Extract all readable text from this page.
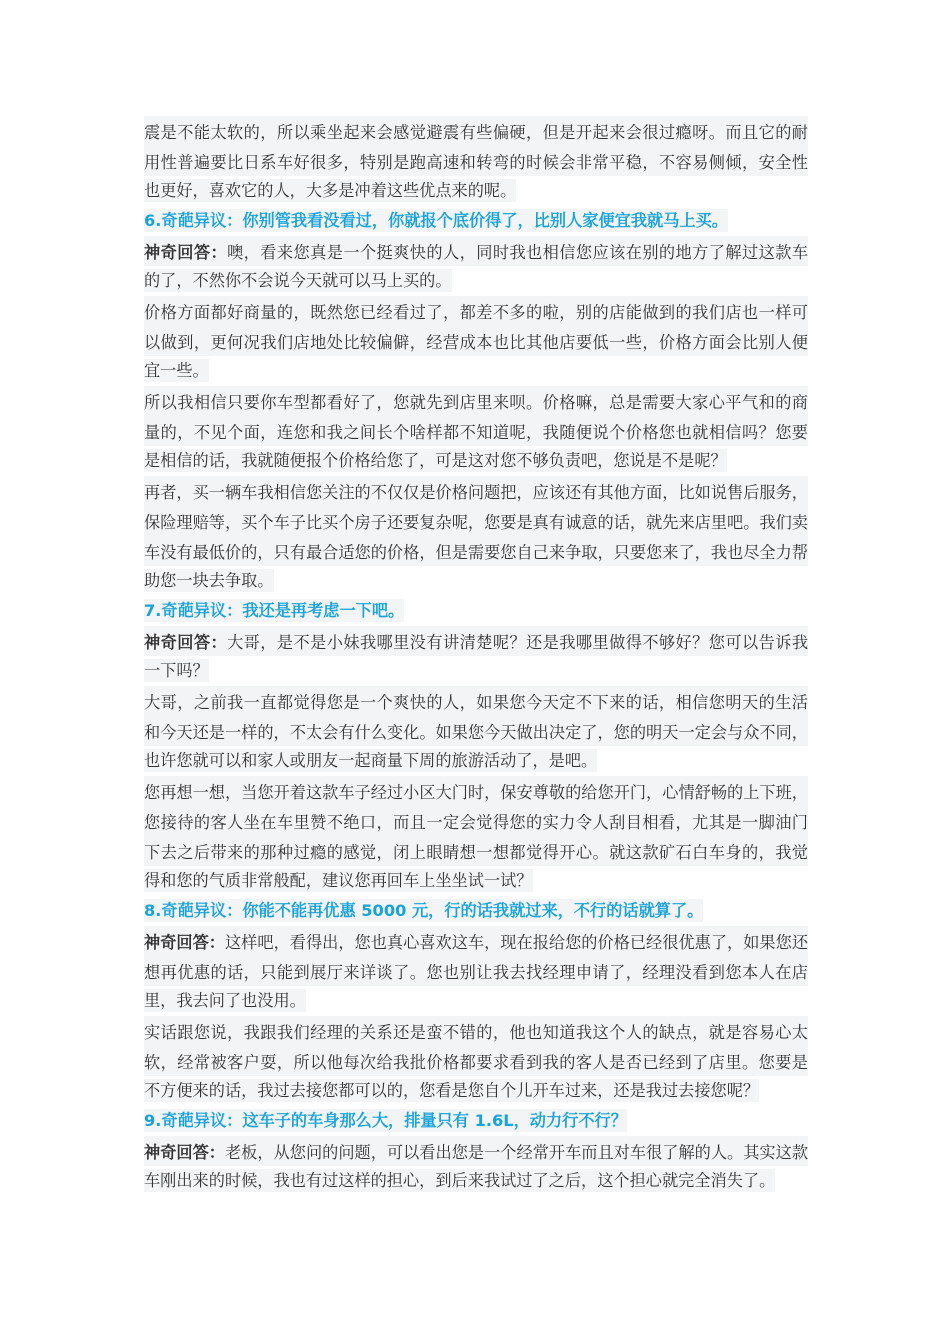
震是不能太软的，所以乘坐起来会感觉避震有些偏硬，但是开起来会很过瘾呀。而且它的耐
用性普遍要比日系车好很多，特别是跑高速和转弯的时候会非常平稳，不容易侧倾，安全性
也更好，喜欢它的人，大多是冲着这些优点来的呢。
6.奇葩异议：你别管我看没看过，你就报个底价得了，比别人家便宜我就马上买。
神奇回答：噢，看来您真是一个挺爽快的人，同时我也相信您应该在别的地方了解过这款车
的了，不然你不会说今天就可以马上买的。
价格方面都好商量的，既然您已经看过了，都差不多的啦，别的店能做到的我们店也一样可
以做到，更何况我们店地处比较偏僻，经营成本也比其他店要低一些，价格方面会比别人便
宜一些。
所以我相信只要你车型都看好了，您就先到店里来呗。价格嘛，总是需要大家心平气和的商
量的，不见个面，连您和我之间长个啥样都不知道呢，我随便说个价格您也就相信吗？您要
是相信的话，我就随便报个价格给您了，可是这对您不够负责吧，您说是不是呢？
再者，买一辆车我相信您关注的不仅仅是价格问题把，应该还有其他方面，比如说售后服务，
保险理赔等，买个车子比买个房子还要复杂呢，您要是真有诚意的话，就先来店里吧。我们卖
车没有最低价的，只有最合适您的价格，但是需要您自己来争取，只要您来了，我也尽全力帮
助您一块去争取。
7.奇葩异议：我还是再考虑一下吧。
神奇回答：大哥，是不是小妹我哪里没有讲清楚呢？还是我哪里做得不够好？您可以告诉我
一下吗？
大哥，之前我一直都觉得您是一个爽快的人，如果您今天定不下来的话，相信您明天的生活
和今天还是一样的，不太会有什么变化。如果您今天做出决定了，您的明天一定会与众不同，
也许您就可以和家人或朋友一起商量下周的旅游活动了，是吧。
您再想一想，当您开着这款车子经过小区大门时，保安尊敬的给您开门，心情舒畅的上下班，
您接待的客人坐在车里赞不绝口，而且一定会觉得您的实力令人刮目相看，尤其是一脚油门
下去之后带来的那种过瘾的感觉，闭上眼睛想一想都觉得开心。就这款矿石白车身的，我觉
得和您的气质非常般配，建议您再回车上坐坐试一试？
8.奇葩异议：你能不能再优惠 5000 元，行的话我就过来，不行的话就算了。
神奇回答：这样吧，看得出，您也真心喜欢这车，现在报给您的价格已经很优惠了，如果您还
想再优惠的话，只能到展厅来详谈了。您也别让我去找经理申请了，经理没看到您本人在店
里，我去问了也没用。
实话跟您说，我跟我们经理的关系还是蛮不错的，他也知道我这个人的缺点，就是容易心太
软，经常被客户耍，所以他每次给我批价格都要求看到我的客人是否已经到了店里。您要是
不方便来的话，我过去接您都可以的，您看是您自个儿开车过来，还是我过去接您呢？
9.奇葩异议：这车子的车身那么大，排量只有 1.6L，动力行不行？
神奇回答：老板，从您问的问题，可以看出您是一个经常开车而且对车很了解的人。其实这款
车刚出来的时候，我也有过这样的担心，到后来我试过了之后，这个担心就完全消失了。
